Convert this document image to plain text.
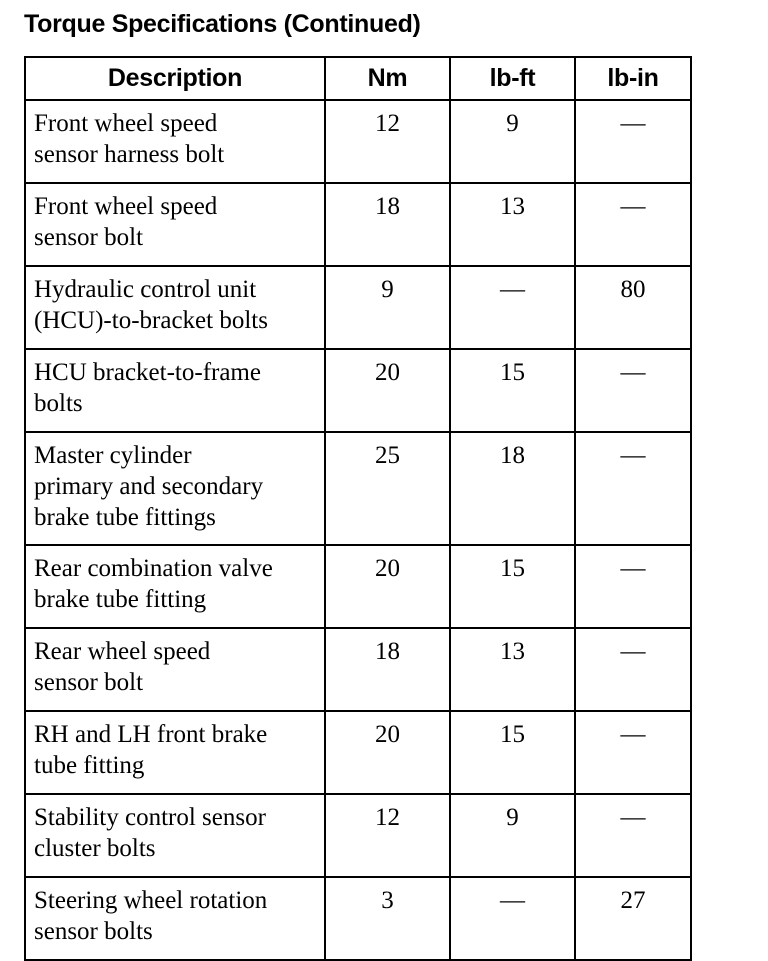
Torque Specifications (Continued)
Description	Nm	lb-ft	lb-in
Front wheel speed
sensor harness bolt	12	9	—
Front wheel speed
sensor bolt	18	13	—
Hydraulic control unit
(HCU)-to-bracket bolts	9	—	80
HCU bracket-to-frame
bolts	20	15	—
Master cylinder
primary and secondary
brake tube fittings	25	18	—
Rear combination valve
brake tube fitting	20	15	—
Rear wheel speed
sensor bolt	18	13	—
RH and LH front brake
tube fitting	20	15	—
Stability control sensor
cluster bolts	12	9	—
Steering wheel rotation
sensor bolts	3	—	27
